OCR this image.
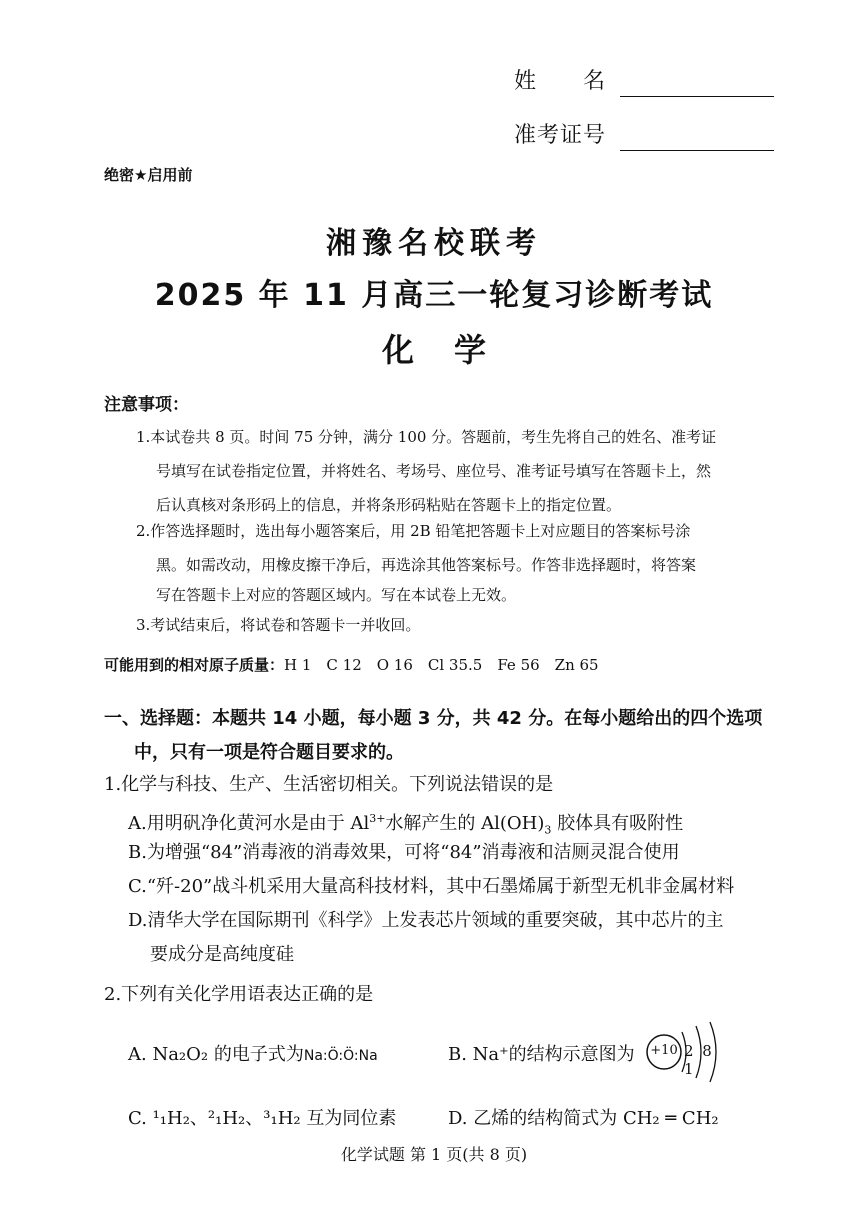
姓　　名
准考证号
绝密★启用前
湘豫名校联考
2025 年 11 月高三一轮复习诊断考试
化学
注意事项：
1.本试卷共 8 页。时间 75 分钟，满分 100 分。答题前，考生先将自己的姓名、准考证
号填写在试卷指定位置，并将姓名、考场号、座位号、准考证号填写在答题卡上，然
后认真核对条形码上的信息，并将条形码粘贴在答题卡上的指定位置。
2.作答选择题时，选出每小题答案后，用 2B 铅笔把答题卡上对应题目的答案标号涂
黑。如需改动，用橡皮擦干净后，再选涂其他答案标号。作答非选择题时，将答案
写在答题卡上对应的答题区域内。写在本试卷上无效。
3.考试结束后，将试卷和答题卡一并收回。
可能用到的相对原子质量：H 1　C 12　O 16　Cl 35.5　Fe 56　Zn 65
一、选择题：本题共 14 小题，每小题 3 分，共 42 分。在每小题给出的四个选项
中，只有一项是符合题目要求的。
1.化学与科技、生产、生活密切相关。下列说法错误的是
A.用明矾净化黄河水是由于 $Al^{3+}$水解产生的 $Al(OH)_3$ 胶体具有吸附性
B.为增强“84”消毒液的消毒效果，可将“84”消毒液和洁厕灵混合使用
C.“歼-20”战斗机采用大量高科技材料，其中石墨烯属于新型无机非金属材料
D.清华大学在国际期刊《科学》上发表芯片领域的重要突破，其中芯片的主
要成分是高纯度硅
2.下列有关化学用语表达正确的是
A. Na₂O₂ 的电子式为Na:Ö:Ö:Na	B. Na⁺的结构示意图为 +10 2 8 1
C. ¹₁H₂、²₁H₂、³₁H₂ 互为同位素	D. 乙烯的结构简式为 CH₂ ═ CH₂
化学试题 第 1 页(共 8 页)
